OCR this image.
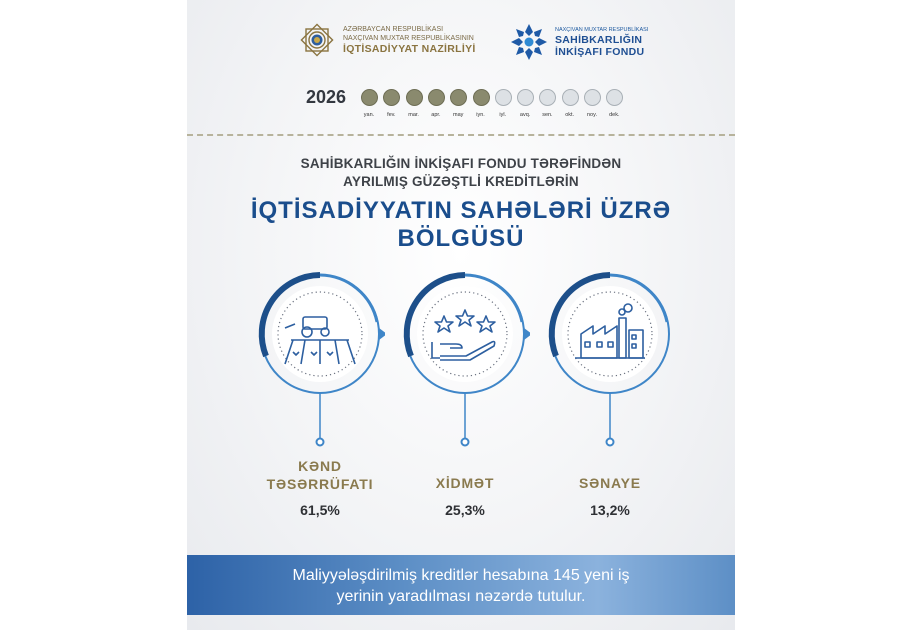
AZƏRBAYCAN RESPUBLİKASI
NAXÇIVAN MUXTAR RESPUBLİKASININ
İQTİSADİYYAT NAZİRLİYİ
NAXÇIVAN MUXTAR RESPUBLİKASI
SAHİBKARLIĞIN
İNKİŞAFI FONDU
2026
yan.	fev.	mar.	apr.	may	iyn.	iyl.	avq.	sen.	okt.	noy.	dek.
SAHİBKARLIĞIN İNKİŞAFI FONDU TƏRƏFİNDƏN
AYRILMIŞ GÜZƏŞTLİ KREDİTLƏRİN
İQTİSADİYYATIN SAHƏLƏRİ ÜZRƏ BÖLGÜSÜ
KƏND
TƏSƏRRÜFATI
61,5%
XİDMƏT
25,3%
SƏNAYE
13,2%
Maliyyələşdirilmiş kreditlər hesabına 145 yeni iş
yerinin yaradılması nəzərdə tutulur.
